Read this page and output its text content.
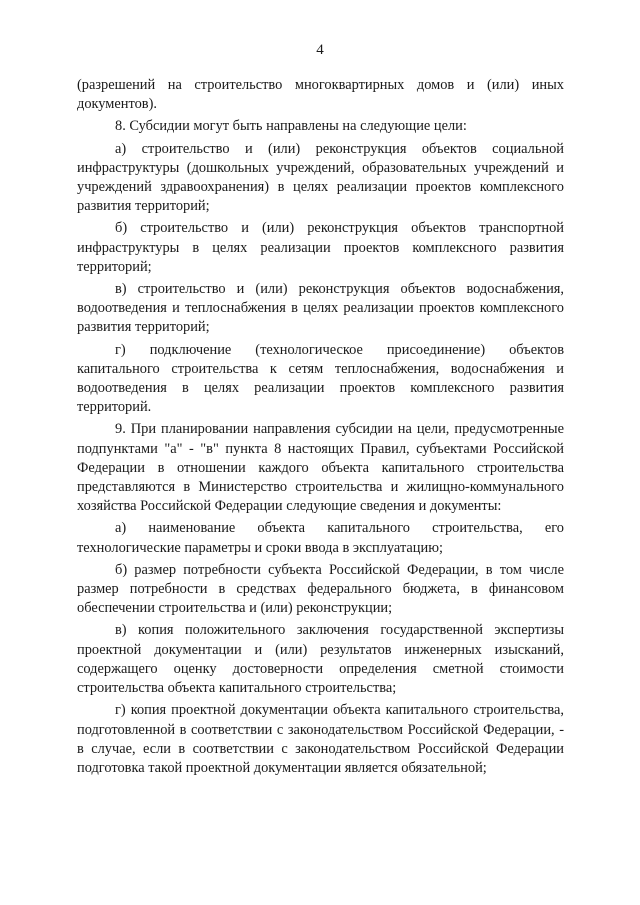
4

(разрешений на строительство многоквартирных домов и (или) иных документов).

8. Субсидии могут быть направлены на следующие цели:

а) строительство и (или) реконструкция объектов социальной инфраструктуры (дошкольных учреждений, образовательных учреждений и учреждений здравоохранения) в целях реализации проектов комплексного развития территорий;

б) строительство и (или) реконструкция объектов транспортной инфраструктуры в целях реализации проектов комплексного развития территорий;

в) строительство и (или) реконструкция объектов водоснабжения, водоотведения и теплоснабжения в целях реализации проектов комплексного развития территорий;

г) подключение (технологическое присоединение) объектов капитального строительства к сетям теплоснабжения, водоснабжения и водоотведения в целях реализации проектов комплексного развития территорий.

9. При планировании направления субсидии на цели, предусмотренные подпунктами "а" - "в" пункта 8 настоящих Правил, субъектами Российской Федерации в отношении каждого объекта капитального строительства представляются в Министерство строительства и жилищно-коммунального хозяйства Российской Федерации следующие сведения и документы:

а) наименование объекта капитального строительства, его технологические параметры и сроки ввода в эксплуатацию;

б) размер потребности субъекта Российской Федерации, в том числе размер потребности в средствах федерального бюджета, в финансовом обеспечении строительства и (или) реконструкции;

в) копия положительного заключения государственной экспертизы проектной документации и (или) результатов инженерных изысканий, содержащего оценку достоверности определения сметной стоимости строительства объекта капитального строительства;

г) копия проектной документации объекта капитального строительства, подготовленной в соответствии с законодательством Российской Федерации, - в случае, если в соответствии с законодательством Российской Федерации подготовка такой проектной документации является обязательной;
